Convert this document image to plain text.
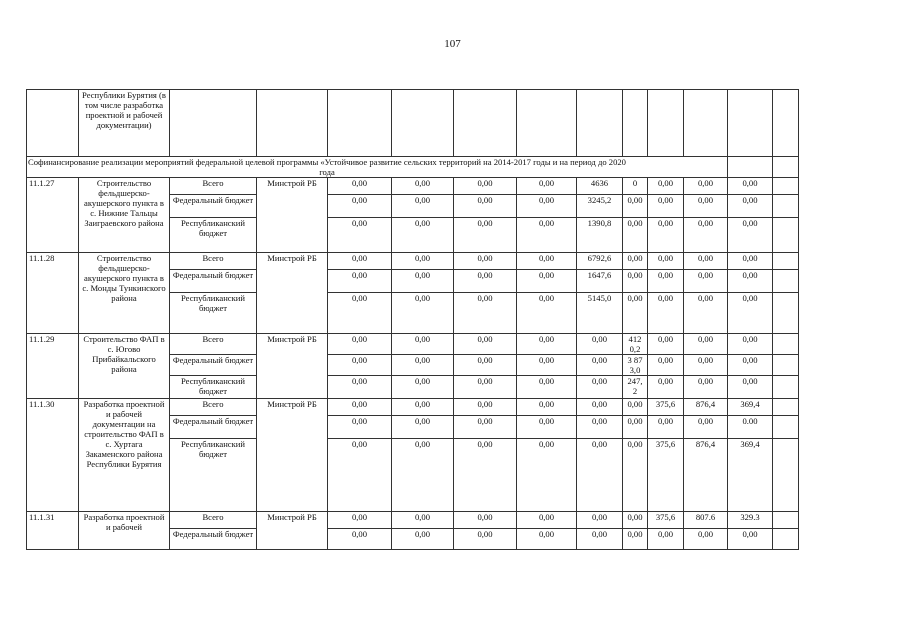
107
	Республики Бурятия (в том числе разработка проектной и рабочей документации)												
Софинансирование реализации мероприятий федеральной целевой программы «Устойчивое развитие сельских территорий на 2014-2017 годы и на период до 2020 года													
11.1.27	Строительство фельдшерско-акушерского пункта в с. Нижние Тальцы Заиграевского района	Всего	Минстрой РБ	0,00	0,00	0,00	0,00	4636	0	0,00	0,00	0,00	
		Федеральный бюджет		0,00	0,00	0,00	0,00	3245,2	0,00	0,00	0,00	0,00	
		Республиканский бюджет		0,00	0,00	0,00	0,00	1390,8	0,00	0,00	0,00	0,00	
11.1.28	Строительство фельдшерско-акушерского пункта в с. Монды Тункинского района	Всего	Минстрой РБ	0,00	0,00	0,00	0,00	6792,6	0,00	0,00	0,00	0,00	
		Федеральный бюджет		0,00	0,00	0,00	0,00	1647,6	0,00	0,00	0,00	0,00	
		Республиканский бюджет		0,00	0,00	0,00	0,00	5145,0	0,00	0,00	0,00	0,00	
11.1.29	Строительство ФАП в с. Югово Прибайкальского района	Всего	Минстрой РБ	0,00	0,00	0,00	0,00	0,00	412 0,2	0,00	0,00	0,00	
		Федеральный бюджет		0,00	0,00	0,00	0,00	0,00	3 87 3,0	0,00	0,00	0,00	
		Республиканский бюджет		0,00	0,00	0,00	0,00	0,00	247, 2	0,00	0,00	0,00	
11.1.30	Разработка проектной и рабочей документации на строительство ФАП в с. Хуртага Закаменского района Республики Бурятия	Всего	Минстрой РБ	0,00	0,00	0,00	0,00	0,00	0,00	375,6	876,4	369,4	
		Федеральный бюджет		0,00	0,00	0,00	0,00	0,00	0,00	0,00	0,00	0.00	
		Республиканский бюджет		0,00	0,00	0,00	0,00	0,00	0,00	375,6	876,4	369,4	
11.1.31	Разработка проектной и рабочей	Всего	Минстрой РБ	0,00	0,00	0,00	0,00	0,00	0,00	375,6	807.6	329.3	
		Федеральный бюджет		0,00	0,00	0,00	0,00	0,00	0,00	0,00	0,00	0,00	
